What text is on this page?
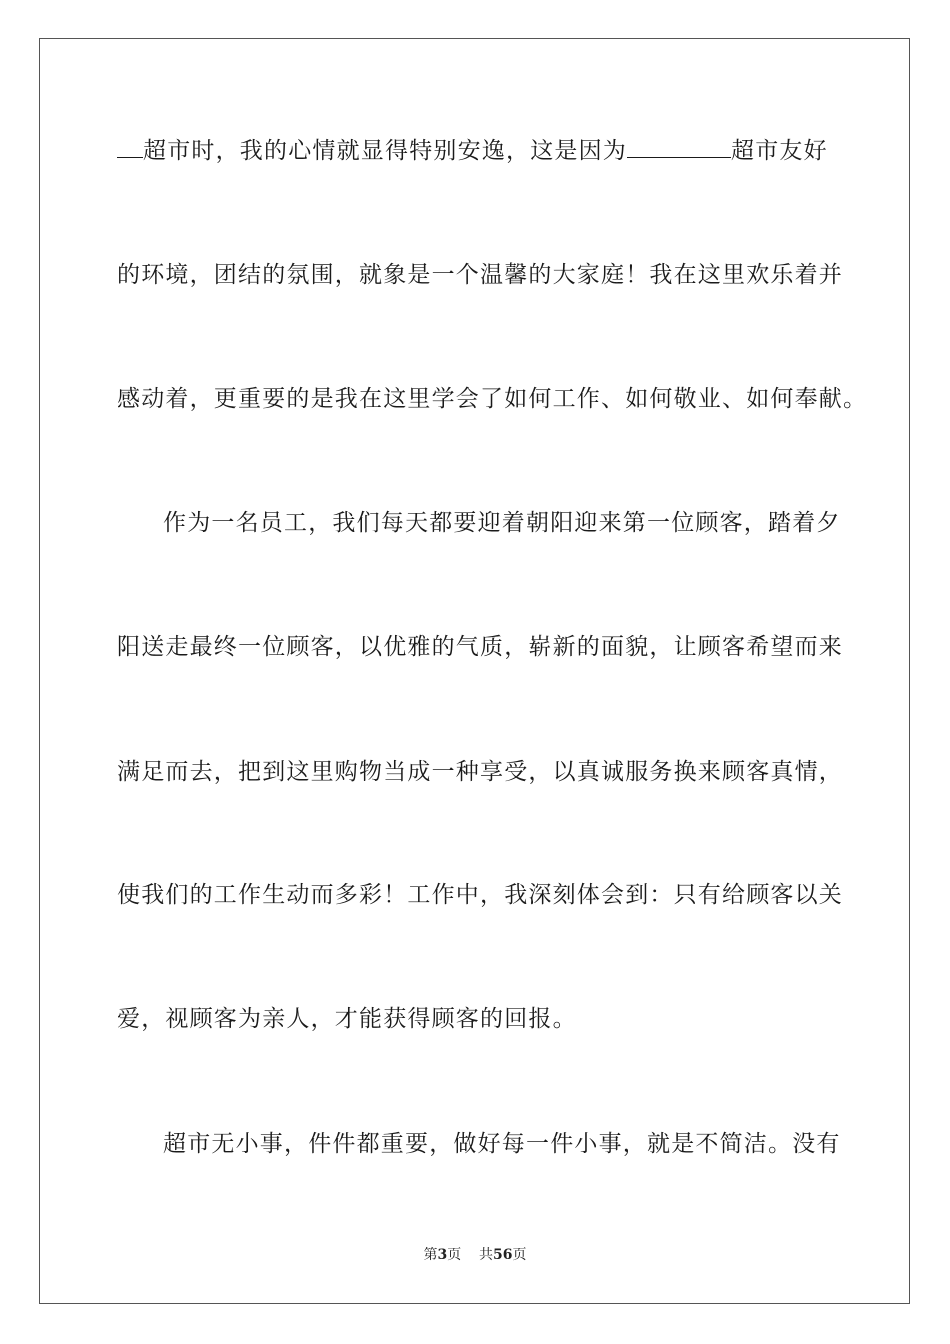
超市时，我的心情就显得特别安逸，这是因为	超市友好
的环境，团结的氛围，就象是一个温馨的大家庭！我在这里欢乐着并
感动着，更重要的是我在这里学会了如何工作、如何敬业、如何奉献。
作为一名员工，我们每天都要迎着朝阳迎来第一位顾客，踏着夕
阳送走最终一位顾客，以优雅的气质，崭新的面貌，让顾客希望而来
满足而去，把到这里购物当成一种享受，以真诚服务换来顾客真情，
使我们的工作生动而多彩！工作中，我深刻体会到：只有给顾客以关
爱，视顾客为亲人，才能获得顾客的回报。
超市无小事，件件都重要，做好每一件小事，就是不简洁。没有
第3页 共56页
